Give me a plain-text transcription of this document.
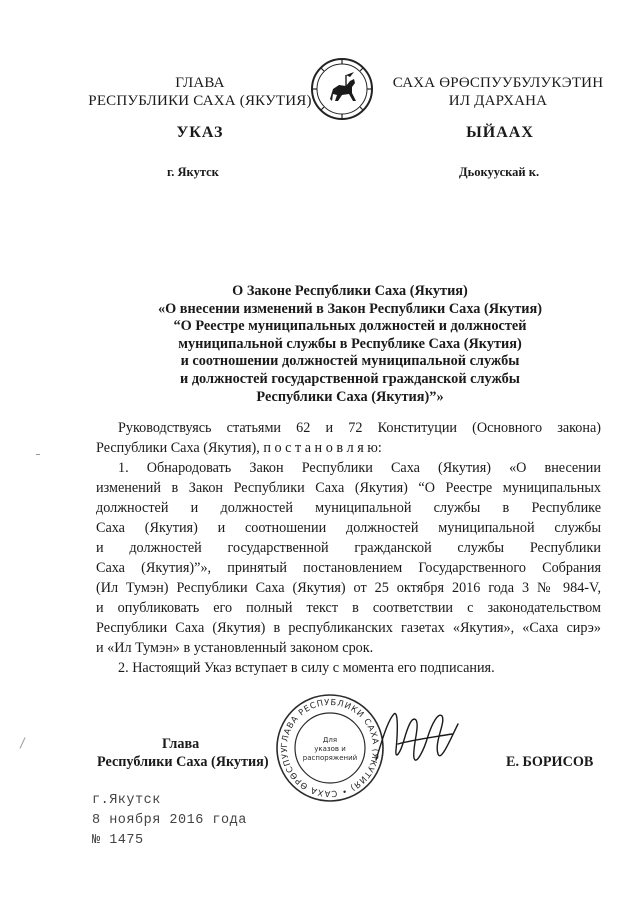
ГЛАВА
РЕСПУБЛИКИ САХА (ЯКУТИЯ)
САХА ӨРӨСПУУБУЛУКЭТИН
ИЛ ДАРХАНА
УКАЗ	ЫЙААХ
г. Якутск	Дьокуускай к.
О Законе Республики Саха (Якутия)
«О внесении изменений в Закон Республики Саха (Якутия)
“О Реестре муниципальных должностей и должностей
муниципальной службы в Республике Саха (Якутия)
и соотношении должностей муниципальной службы
и должностей государственной гражданской службы
Республики Саха (Якутия)”»
Руководствуясь статьями 62 и 72 Конституции (Основного закона)
Республики Саха (Якутия), п о с т а н о в л я ю:
1. Обнародовать Закон Республики Саха (Якутия) «О внесении
изменений в Закон Республики Саха (Якутия) “О Реестре муниципальных
должностей и должностей муниципальной службы в Республике
Саха (Якутия) и соотношении должностей муниципальной службы
и должностей государственной гражданской службы Республики
Саха (Якутия)”», принятый постановлением Государственного Собрания
(Ил Тумэн) Республики Саха (Якутия) от 25 октября 2016 года 3 № 984-V,
и опубликовать его полный текст в соответствии с законодательством
Республики Саха (Якутия) в республиканских газетах «Якутия», «Саха сирэ»
и «Ил Тумэн» в установленный законом срок.
2. Настоящий Указ вступает в силу с момента его подписания.
Глава
Республики Саха (Якутия)	Е. БОРИСОВ
ГЛАВА РЕСПУБЛИКИ САХА (ЯКУТИЯ) • САХА ӨРӨСПУУ
Для
указов и
распоряжений
г.Якутск
8 ноября 2016 года
№ 1475
